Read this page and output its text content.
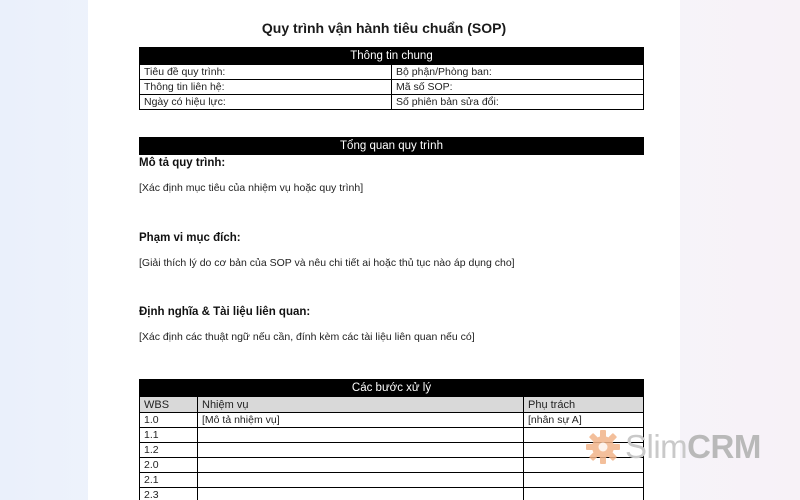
Quy trình vận hành tiêu chuẩn (SOP)
Thông tin chung	
Tiêu đề quy trình:	Bộ phận/Phòng ban:
Thông tin liên hệ:	Mã số SOP:
Ngày có hiệu lực:	Số phiên bản sửa đổi:
Tổng quan quy trình
Mô tả quy trình:
[Xác định mục tiêu của nhiệm vụ hoặc quy trình]
Phạm vi mục đích:
[Giải thích lý do cơ bản của SOP và nêu chi tiết ai hoặc thủ tục nào áp dụng cho]
Định nghĩa & Tài liệu liên quan:
[Xác định các thuật ngữ nếu cần, đính kèm các tài liệu liên quan nếu có]
Các bước xử lý		
WBS	Nhiệm vụ	Phụ trách
1.0	[Mô tả nhiệm vụ]	[nhân sự A]
1.1		
1.2		
2.0		
2.1		
2.3		
SlimCRM
